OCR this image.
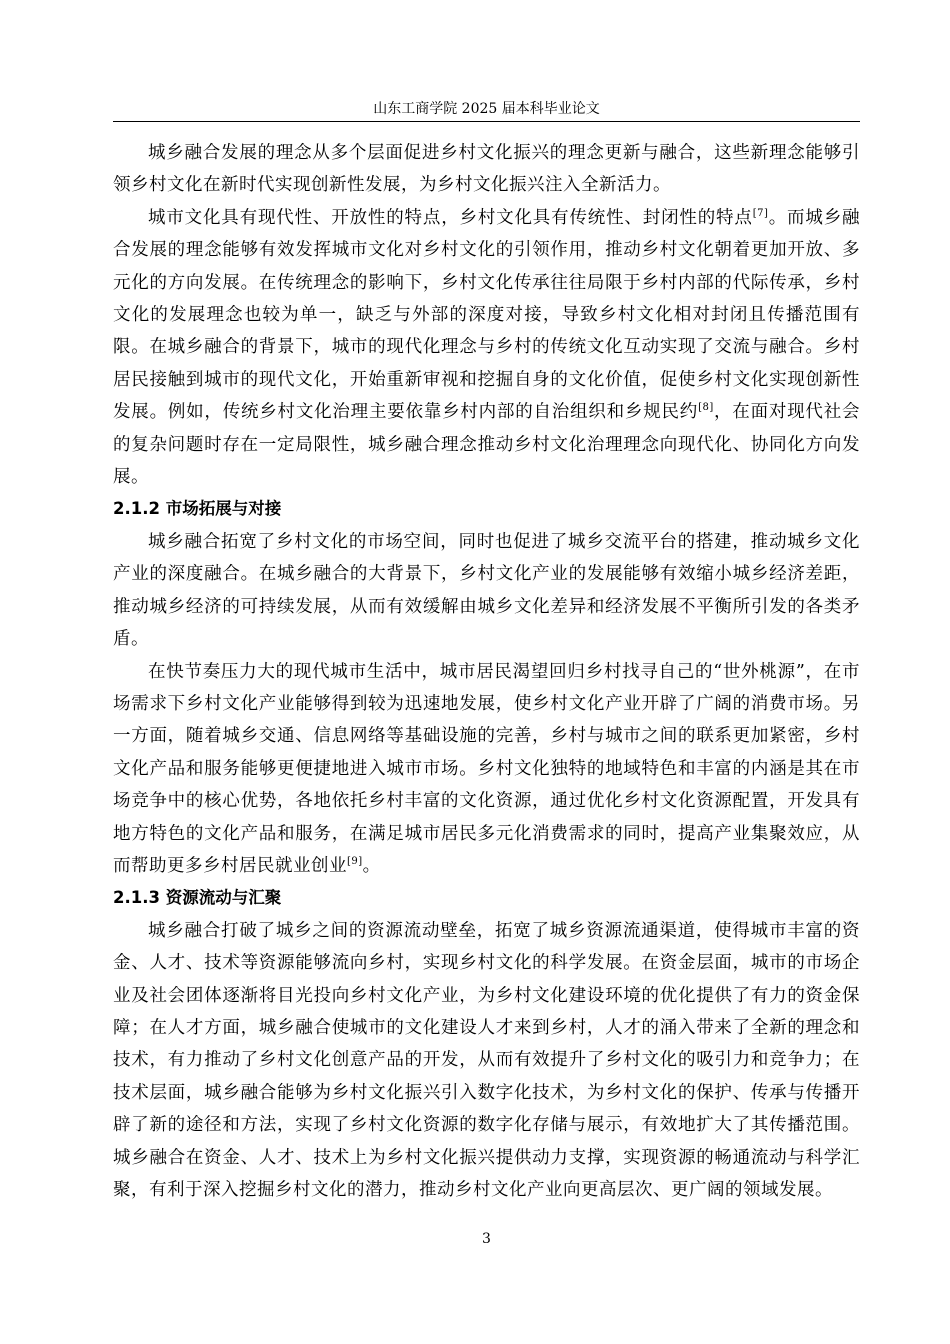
山东工商学院 2025 届本科毕业论文

城乡融合发展的理念从多个层面促进乡村文化振兴的理念更新与融合，这些新理念能够引领乡村文化在新时代实现创新性发展，为乡村文化振兴注入全新活力。

城市文化具有现代性、开放性的特点，乡村文化具有传统性、封闭性的特点[7]。而城乡融合发展的理念能够有效发挥城市文化对乡村文化的引领作用，推动乡村文化朝着更加开放、多元化的方向发展。在传统理念的影响下，乡村文化传承往往局限于乡村内部的代际传承，乡村文化的发展理念也较为单一，缺乏与外部的深度对接，导致乡村文化相对封闭且传播范围有限。在城乡融合的背景下，城市的现代化理念与乡村的传统文化互动实现了交流与融合。乡村居民接触到城市的现代文化，开始重新审视和挖掘自身的文化价值，促使乡村文化实现创新性发展。例如，传统乡村文化治理主要依靠乡村内部的自治组织和乡规民约[8]，在面对现代社会的复杂问题时存在一定局限性，城乡融合理念推动乡村文化治理理念向现代化、协同化方向发展。

2.1.2 市场拓展与对接

城乡融合拓宽了乡村文化的市场空间，同时也促进了城乡交流平台的搭建，推动城乡文化产业的深度融合。在城乡融合的大背景下，乡村文化产业的发展能够有效缩小城乡经济差距，推动城乡经济的可持续发展，从而有效缓解由城乡文化差异和经济发展不平衡所引发的各类矛盾。

在快节奏压力大的现代城市生活中，城市居民渴望回归乡村找寻自己的“世外桃源”，在市场需求下乡村文化产业能够得到较为迅速地发展，使乡村文化产业开辟了广阔的消费市场。另一方面，随着城乡交通、信息网络等基础设施的完善，乡村与城市之间的联系更加紧密，乡村文化产品和服务能够更便捷地进入城市市场。乡村文化独特的地域特色和丰富的内涵是其在市场竞争中的核心优势，各地依托乡村丰富的文化资源，通过优化乡村文化资源配置，开发具有地方特色的文化产品和服务，在满足城市居民多元化消费需求的同时，提高产业集聚效应，从而帮助更多乡村居民就业创业[9]。

2.1.3 资源流动与汇聚

城乡融合打破了城乡之间的资源流动壁垒，拓宽了城乡资源流通渠道，使得城市丰富的资金、人才、技术等资源能够流向乡村，实现乡村文化的科学发展。在资金层面，城市的市场企业及社会团体逐渐将目光投向乡村文化产业，为乡村文化建设环境的优化提供了有力的资金保障；在人才方面，城乡融合使城市的文化建设人才来到乡村，人才的涌入带来了全新的理念和技术，有力推动了乡村文化创意产品的开发，从而有效提升了乡村文化的吸引力和竞争力；在技术层面，城乡融合能够为乡村文化振兴引入数字化技术，为乡村文化的保护、传承与传播开辟了新的途径和方法，实现了乡村文化资源的数字化存储与展示，有效地扩大了其传播范围。城乡融合在资金、人才、技术上为乡村文化振兴提供动力支撑，实现资源的畅通流动与科学汇聚，有利于深入挖掘乡村文化的潜力，推动乡村文化产业向更高层次、更广阔的领域发展。

3
